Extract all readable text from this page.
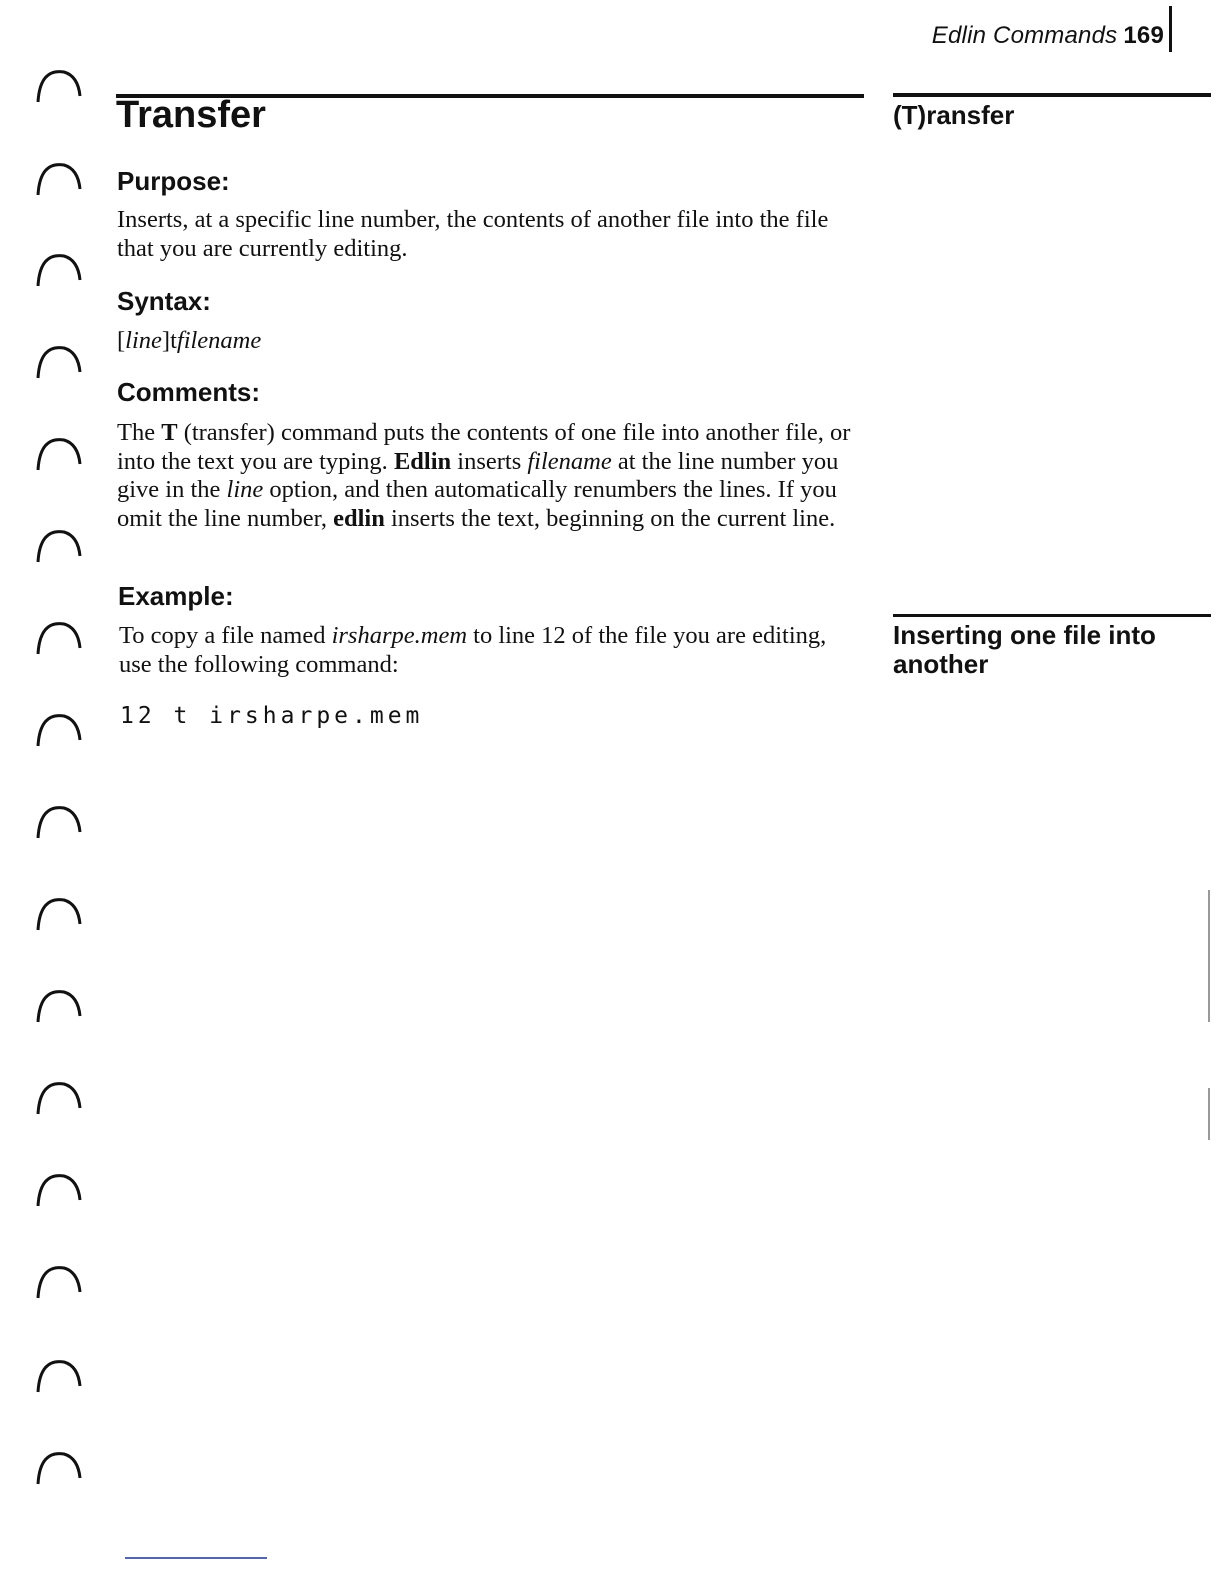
Edlin Commands 169
Transfer
Purpose:

Inserts, at a specific line number, the contents of another file into the file that you are currently editing.

Syntax:

[line]tfilename

Comments:

The T (transfer) command puts the contents of one file into another file, or into the text you are typing. Edlin inserts filename at the line number you give in the line option, and then automatically renumbers the lines. If you omit the line number, edlin inserts the text, beginning on the current line.

Example:

To copy a file named irsharpe.mem to line 12 of the file you are editing, use the following command:

12 t irsharpe.mem
(T)ransfer
Inserting one file into another
